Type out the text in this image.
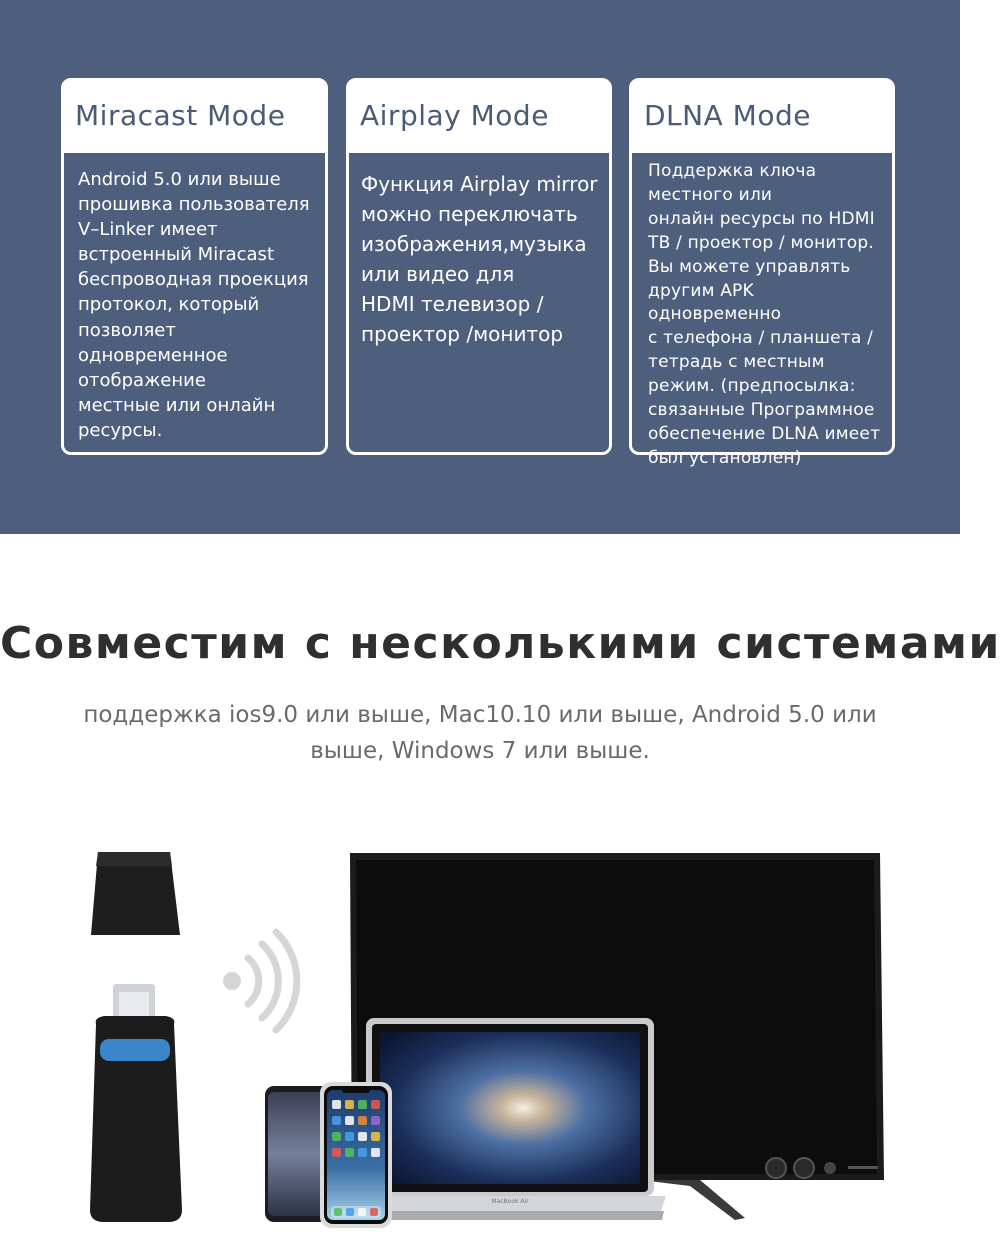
Miracast Mode
Android 5.0 или выше
прошивка пользователя
V–Linker имеет
встроенный Miracast
беспроводная проекция
протокол, который
позволяет
одновременное
отображение
местные или онлайн
ресурсы.
Airplay Mode
Функция Airplay mirror
можно переключать
изображения,музыка
или видео для
HDMI телевизор /
проектор /монитор
DLNA Mode
Поддержка ключа
местного или
онлайн ресурсы по HDMI
ТВ / проектор / монитор.
Вы можете управлять
другим APK одновременно
с телефона / планшета /
тетрадь с местным
режим. (предпосылка:
связанные Программное
обеспечение DLNA имеет
был установлен)
Совместим с несколькими системами
поддержка ios9.0 или выше, Mac10.10 или выше, Android 5.0 или выше, Windows 7 или выше.
MacBook Air
